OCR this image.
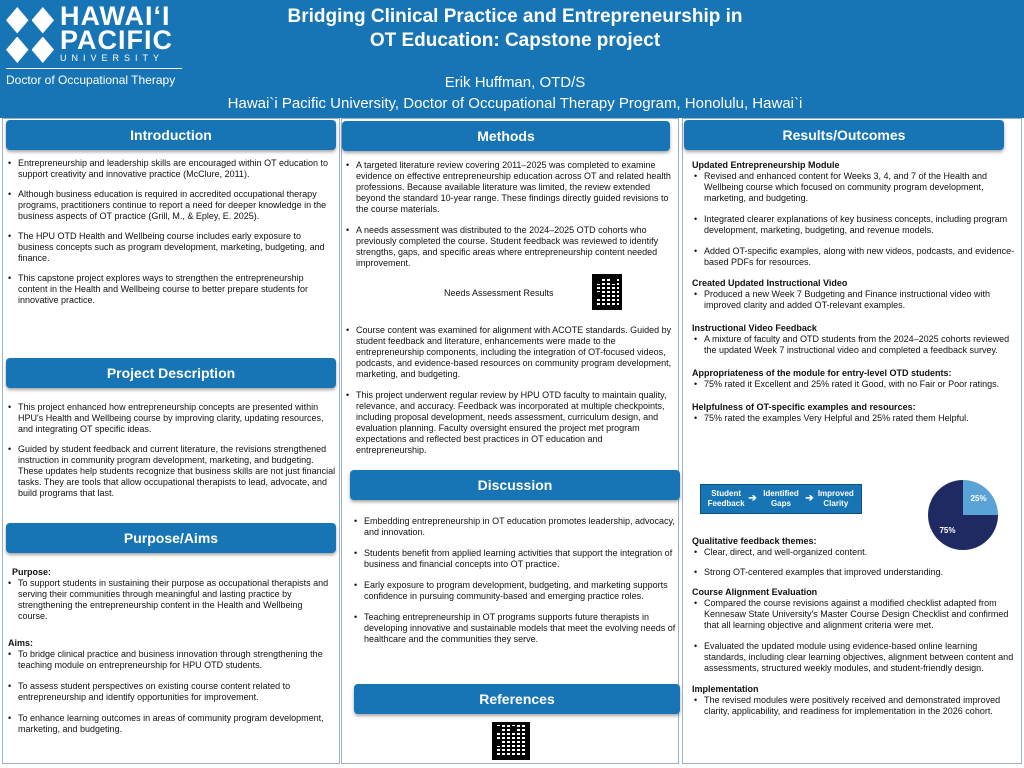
HAWAIʻI
PACIFIC
UNIVERSITY
Doctor of Occupational Therapy
Bridging Clinical Practice and Entrepreneurship in
OT Education: Capstone project
Erik Huffman, OTD/S
Hawai`i Pacific University, Doctor of Occupational Therapy Program, Honolulu, Hawai`i
Introduction
• Entrepreneurship and leadership skills are encouraged within OT education to support creativity and innovative practice (McClure, 2011).
• Although business education is required in accredited occupational therapy programs, practitioners continue to report a need for deeper knowledge in the business aspects of OT practice (Grill, M., & Epley, E. 2025).
• The HPU OTD Health and Wellbeing course includes early exposure to business concepts such as program development, marketing, budgeting, and finance.
• This capstone project explores ways to strengthen the entrepreneurship content in the Health and Wellbeing course to better prepare students for innovative practice.
Project Description
• This project enhanced how entrepreneurship concepts are presented within HPU's Health and Wellbeing course by improving clarity, updating resources, and integrating OT specific ideas.
• Guided by student feedback and current literature, the revisions strengthened instruction in community program development, marketing, and budgeting. These updates help students recognize that business skills are not just financial tasks. They are tools that allow occupational therapists to lead, advocate, and build programs that last.
Purpose/Aims
Purpose:
• To support students in sustaining their purpose as occupational therapists and serving their communities through meaningful and lasting practice by strengthening the entrepreneurship content in the Health and Wellbeing course.
Aims:
• To bridge clinical practice and business innovation through strengthening the teaching module on entrepreneurship for HPU OTD students.
• To assess student perspectives on existing course content related to entrepreneurship and identify opportunities for improvement.
• To enhance learning outcomes in areas of community program development, marketing, and budgeting.
Methods
• A targeted literature review covering 2011–2025 was completed to examine evidence on effective entrepreneurship education across OT and related health professions. Because available literature was limited, the review extended beyond the standard 10-year range. These findings directly guided revisions to the course materials.
• A needs assessment was distributed to the 2024–2025 OTD cohorts who previously completed the course. Student feedback was reviewed to identify strengths, gaps, and specific areas where entrepreneurship content needed improvement.
Needs Assessment Results
• Course content was examined for alignment with ACOTE standards. Guided by student feedback and literature, enhancements were made to the entrepreneurship components, including the integration of OT-focused videos, podcasts, and evidence-based resources on community program development, marketing, and budgeting.
• This project underwent regular review by HPU OTD faculty to maintain quality, relevance, and accuracy. Feedback was incorporated at multiple checkpoints, including proposal development, needs assessment, curriculum design, and evaluation planning. Faculty oversight ensured the project met program expectations and reflected best practices in OT education and entrepreneurship.
Discussion
• Embedding entrepreneurship in OT education promotes leadership, advocacy, and innovation.
• Students benefit from applied learning activities that support the integration of business and financial concepts into OT practice.
• Early exposure to program development, budgeting, and marketing supports confidence in pursuing community-based and emerging practice roles.
• Teaching entrepreneurship in OT programs supports future therapists in developing innovative and sustainable models that meet the evolving needs of healthcare and the communities they serve.
References
Results/Outcomes
Updated Entrepreneurship Module
• Revised and enhanced content for Weeks 3, 4, and 7 of the Health and Wellbeing course which focused on community program development, marketing, and budgeting.
• Integrated clearer explanations of key business concepts, including program development, marketing, budgeting, and revenue models.
• Added OT-specific examples, along with new videos, podcasts, and evidence-based PDFs for resources.
Created Updated Instructional Video
• Produced a new Week 7 Budgeting and Finance instructional video with improved clarity and added OT-relevant examples.
Instructional Video Feedback
• A mixture of faculty and OTD students from the 2024–2025 cohorts reviewed the updated Week 7 instructional video and completed a feedback survey.
Appropriateness of the module for entry-level OTD students:
• 75% rated it Excellent and 25% rated it Good, with no Fair or Poor ratings.
Helpfulness of OT-specific examples and resources:
• 75% rated the examples Very Helpful and 25% rated them Helpful.
Student Feedback ➔ Identified Gaps	➔ Improved Clarity
75%
25%
Qualitative feedback themes:
• Clear, direct, and well-organized content.
• Strong OT-centered examples that improved understanding.
Course Alignment Evaluation
• Compared the course revisions against a modified checklist adapted from Kennesaw State University's Master Course Design Checklist and confirmed that all learning objective and alignment criteria were met.
• Evaluated the updated module using evidence-based online learning standards, including clear learning objectives, alignment between content and assessments, structured weekly modules, and student-friendly design.
Implementation
• The revised modules were positively received and demonstrated improved clarity, applicability, and readiness for implementation in the 2026 cohort.
